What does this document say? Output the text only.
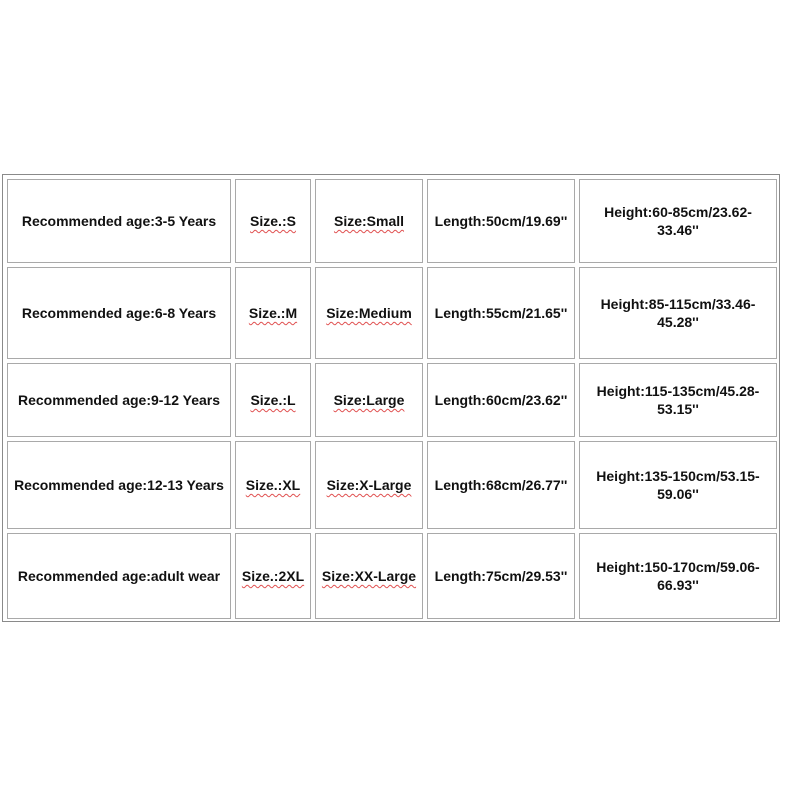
Recommended age:3-5 Years Size.:S	Size:Small Length:50cm/19.69''
Height:60-85cm/23.62-33.46''
Recommended age:6-8 Years Size.:M Size:Medium Length:55cm/21.65''
Height:85-115cm/33.46-45.28''
Recommended age:9-12 Years Size.:L	Size:Large Length:60cm/23.62''
Height:115-135cm/45.28-53.15''
Recommended age:12-13 Years Size.:XL Size:X-Large Length:68cm/26.77''
Height:135-150cm/53.15-59.06''
Recommended age:adult wear Size.:2XL Size:XX-Large Length:75cm/29.53''
Height:150-170cm/59.06-66.93''
